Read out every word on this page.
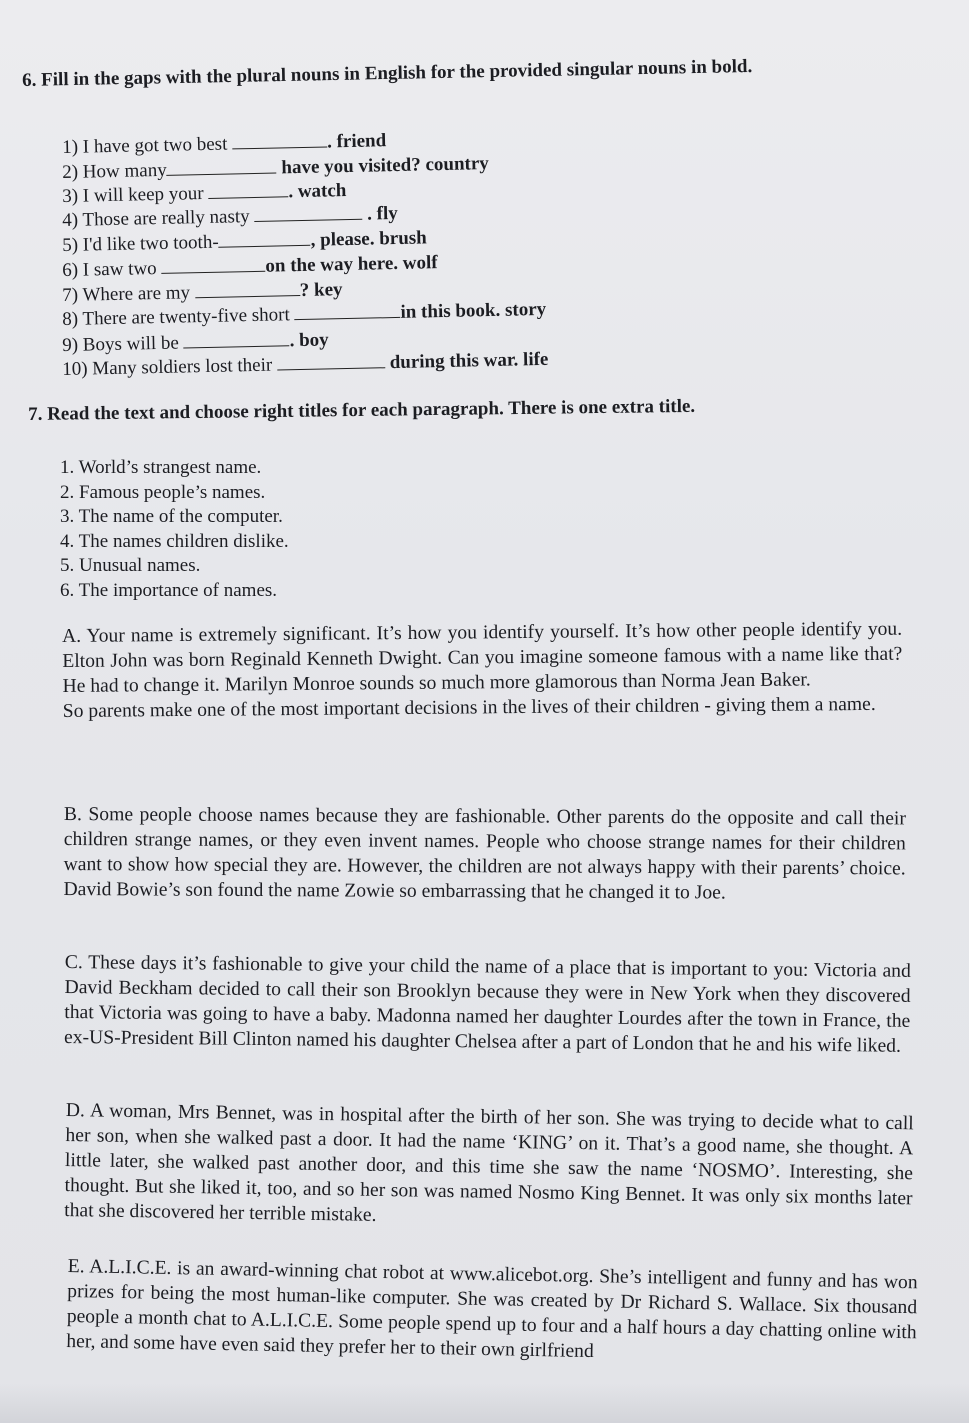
6. Fill in the gaps with the plural nouns in English for the provided singular nouns in bold.
1) I have got two best	. friend
2) How many	have you visited? country
3) I will keep your	. watch
4) Those are really nasty	. fly
5) I'd like two tooth-	, please. brush
6) I saw two	on the way here. wolf
7) Where are my	? key
8) There are twenty-five short	in this book. story
9) Boys will be	. boy
10) Many soldiers lost their	during this war. life
7. Read the text and choose right titles for each paragraph. There is one extra title.
1. World’s strangest name.
2. Famous people’s names.
3. The name of the computer.
4. The names children dislike.
5. Unusual names.
6. The importance of names.
A. Your name is extremely significant. It’s how you identify yourself. It’s how other people identify you. Elton John was born Reginald Kenneth Dwight. Can you imagine someone famous with a name like that? He had to change it. Marilyn Monroe sounds so much more glamorous than Norma Jean Baker.
So parents make one of the most important decisions in the lives of their children - giving them a name.
B. Some people choose names because they are fashionable. Other parents do the opposite and call their children strange names, or they even invent names. People who choose strange names for their children want to show how special they are. However, the children are not always happy with their parents’ choice. David Bowie’s son found the name Zowie so embarrassing that he changed it to Joe.
C. These days it’s fashionable to give your child the name of a place that is important to you: Victoria and David Beckham decided to call their son Brooklyn because they were in New York when they discovered that Victoria was going to have a baby. Madonna named her daughter Lourdes after the town in France, the ex-US-President Bill Clinton named his daughter Chelsea after a part of London that he and his wife liked.
D. A woman, Mrs Bennet, was in hospital after the birth of her son. She was trying to decide what to call her son, when she walked past a door. It had the name ‘KING’ on it. That’s a good name, she thought. A little later, she walked past another door, and this time she saw the name ‘NOSMO’. Interesting, she thought. But she liked it, too, and so her son was named Nosmo King Bennet. It was only six months later that she discovered her terrible mistake.
E. A.L.I.C.E. is an award-winning chat robot at www.alicebot.org. She’s intelligent and funny and has won prizes for being the most human-like computer. She was created by Dr Richard S. Wallace. Six thousand people a month chat to A.L.I.C.E. Some people spend up to four and a half hours a day chatting online with her, and some have even said they prefer her to their own girlfriend
